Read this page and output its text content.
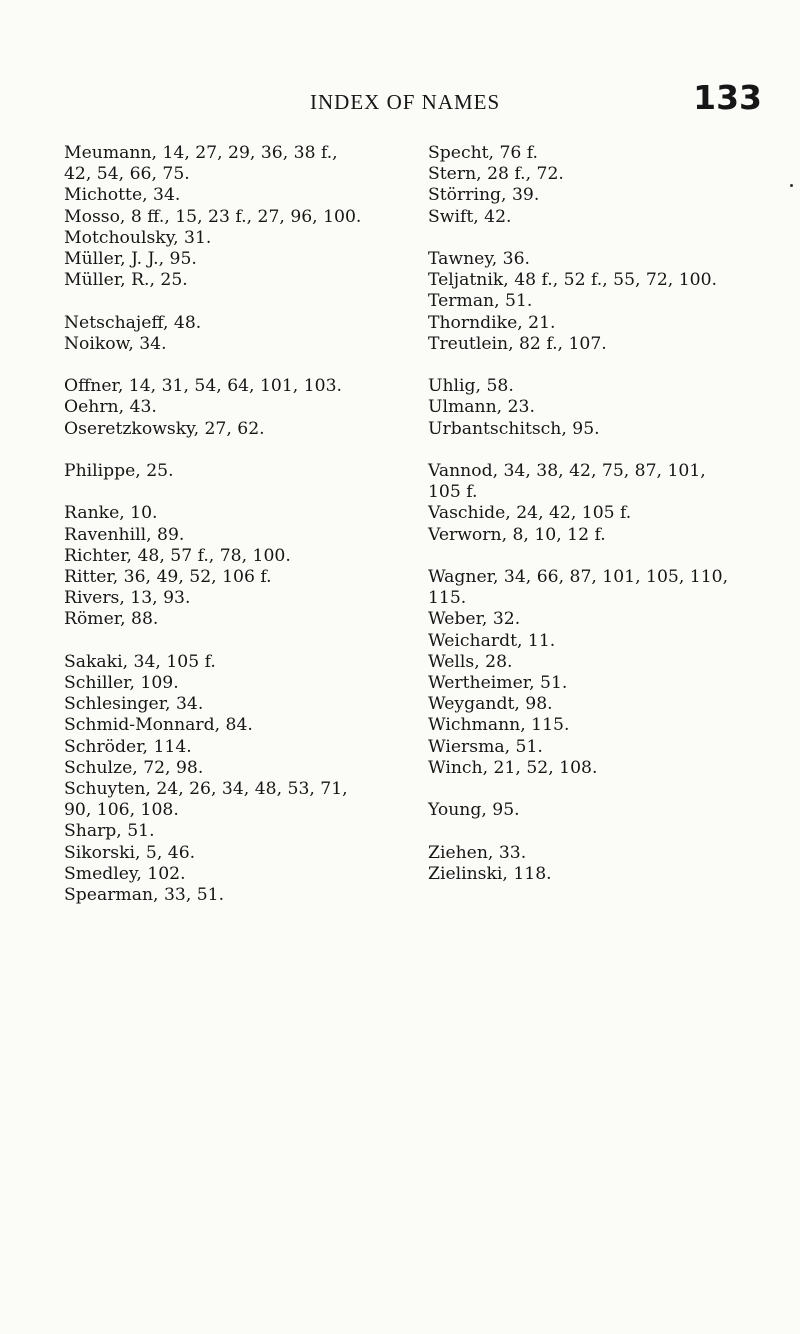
INDEX OF NAMES	133
Meumann, 14, 27, 29, 36, 38 f.,
42, 54, 66, 75.
Michotte, 34.
Mosso, 8 ff., 15, 23 f., 27, 96, 100.
Motchoulsky, 31.
Müller, J. J., 95.
Müller, R., 25.
Netschajeff, 48.
Noikow, 34.
Offner, 14, 31, 54, 64, 101, 103.
Oehrn, 43.
Oseretzkowsky, 27, 62.
Philippe, 25.
Ranke, 10.
Ravenhill, 89.
Richter, 48, 57 f., 78, 100.
Ritter, 36, 49, 52, 106 f.
Rivers, 13, 93.
Römer, 88.
Sakaki, 34, 105 f.
Schiller, 109.
Schlesinger, 34.
Schmid-Monnard, 84.
Schröder, 114.
Schulze, 72, 98.
Schuyten, 24, 26, 34, 48, 53, 71,
90, 106, 108.
Sharp, 51.
Sikorski, 5, 46.
Smedley, 102.
Spearman, 33, 51.
Specht, 76 f.
Stern, 28 f., 72.
Störring, 39.
Swift, 42.
Tawney, 36.
Teljatnik, 48 f., 52 f., 55, 72, 100.
Terman, 51.
Thorndike, 21.
Treutlein, 82 f., 107.
Uhlig, 58.
Ulmann, 23.
Urbantschitsch, 95.
Vannod, 34, 38, 42, 75, 87, 101,
105 f.
Vaschide, 24, 42, 105 f.
Verworn, 8, 10, 12 f.
Wagner, 34, 66, 87, 101, 105, 110,
115.
Weber, 32.
Weichardt, 11.
Wells, 28.
Wertheimer, 51.
Weygandt, 98.
Wichmann, 115.
Wiersma, 51.
Winch, 21, 52, 108.
Young, 95.
Ziehen, 33.
Zielinski, 118.
